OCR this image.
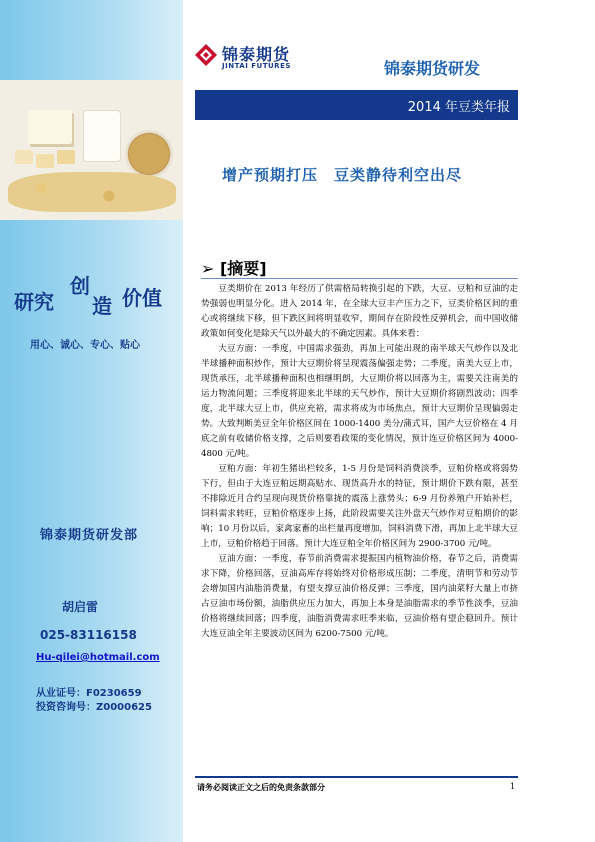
研究
创
造 价值
用心、诚心、专心、贴心
锦泰期货研发部
胡启雷
025-83116158
Hu-qilei@hotmail.com
从业证号：F0230659
投资咨询号：Z0000625
锦泰期货
JINTAI FUTURES	锦泰期货研发
2014 年豆类年报
增产预期打压　豆类静待利空出尽
➢ [摘要]

豆类期价在 2013 年经历了供需格局转换引起的下跌，大豆、豆粕和豆油的走势强弱也明显分化。进入 2014 年，在全球大豆丰产压力之下，豆类价格区间的重心或将继续下移，但下跌区间将明显收窄，期间存在阶段性反弹机会，而中国收储政策如何变化是除天气以外最大的不确定因素。具体来看：

大豆方面：一季度，中国需求强劲，再加上可能出现的南半球天气炒作以及北半球播种面积炒作，预计大豆期价将呈现震荡偏强走势；二季度，南美大豆上市，现货承压，北半球播种面积也相继明朗，大豆期价将以回落为主，需要关注南美的运力物流问题；三季度将迎来北半球的天气炒作，预计大豆期价将剧烈波动；四季度，北半球大豆上市，供应充裕，需求将成为市场焦点，预计大豆期价呈现偏弱走势。大致判断美豆全年价格区间在 1000-1400 美分/蒲式耳，国产大豆价格在 4 月底之前有收储价格支撑，之后则要看政策的变化情况，预计连豆价格区间为 4000-4800 元/吨。

豆粕方面：年初生猪出栏较多，1-5 月份是饲料消费淡季，豆粕价格或将弱势下行，但由于大连豆粕远期高贴水、现货高升水的特征，预计期价下跌有限，甚至不排除近月合约呈现向现货价格靠拢的震荡上涨势头；6-9 月份养殖户开始补栏，饲料需求转旺，豆粕价格逐步上扬，此阶段需要关注外盘天气炒作对豆粕期价的影响；10 月份以后，家禽家畜的出栏量再度增加，饲料消费下滑，再加上北半球大豆上市，豆粕价格趋于回落。预计大连豆粕全年价格区间为 2900-3700 元/吨。

豆油方面：一季度，春节前消费需求提振国内植物油价格，春节之后，消费需求下降，价格回落，豆油高库存将始终对价格形成压制；二季度，清明节和劳动节会增加国内油脂消费量，有望支撑豆油价格反弹；三季度，国内油菜籽大量上市挤占豆油市场份额，油脂供应压力加大，再加上本身是油脂需求的季节性淡季，豆油价格将继续回落；四季度，油脂消费需求旺季来临，豆油价格有望企稳回升。预计大连豆油全年主要波动区间为 6200-7500 元/吨。

请务必阅读正文之后的免责条款部分	1
